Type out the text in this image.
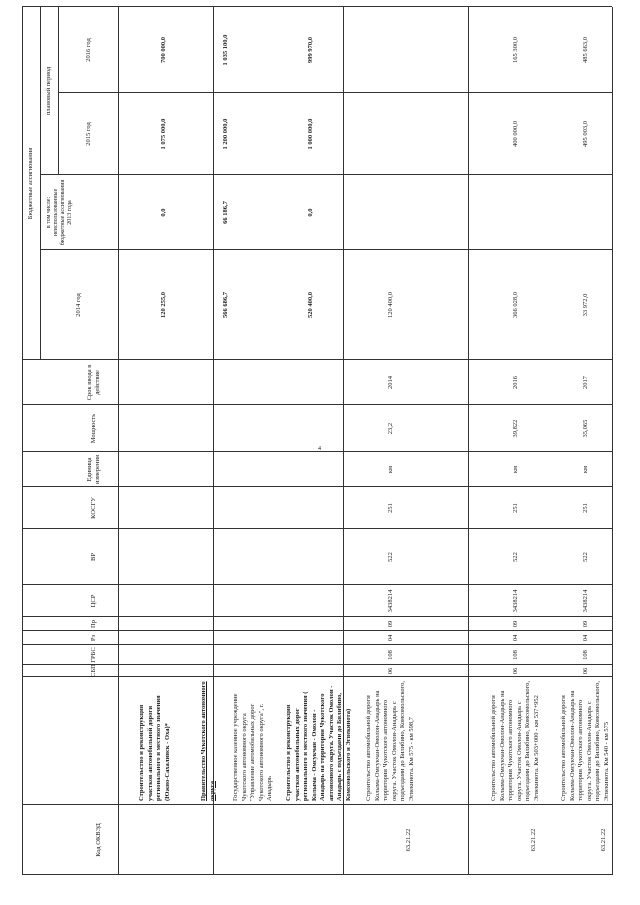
Код ОКВЭД
СБП
ГРБС
Рз
Пр
ЦСР
ВР
КОСГУ
Единица измерения
Мощность
Срок ввода в действие
Бюджетные ассигнования
2014 год
в том числе: неиспользованные бюджетные ассигнования 2013 года
плановый период
2015 год
2016 год
Строительство и реконструкция участков автомобильной дороги регионального и местного значения (Южно-Сахалинск - Оха)*
120 255,0
0,0
1 075 000,0
700 000,0
Правительство Чукотского автономного округа
566 686,7
66 186,7
1 200 000,0
1 035 100,0
Государственное казенное учреждение Чукотского автономного округа "Управление автомобильных дорог Чукотского автономного округа", г. Анадырь Строительство и реконструкция участков автомобильных дорог регионального и местного значения ( Колыма - Омсукчан - Омолон - Анадырь на территории Чукотского автономного округа. Участок Омолон - Анадырь с подъездами до Билибино, Комсомольского и Эгвекинота)
520 400,0
0,0
1 000 000,0
999 970,0
Строительство автомобильной дороги Колыма-Омсукчан-Омолон-Анадырь на территории Чукотского автономного округа. Участок Омолон-Анадырь с подъездами до Билибино, Комсомольского, Эгвекинота. Км 575 - км 598,7
63.21.22
06
108
04
09
3438214
522
251
км
23,2
2014
120 400,0
Строительство автомобильной дороги Колыма-Омсукчан-Омолон-Анадырь на территории Чукотского автономного округа. Участок Омолон-Анадырь с подъездами до Билибино, Комсомольского, Эгвекинота. Км 503+000 - км 537+952
63.21.22
06
108
04
09
3438214
522
251
км
39,822
2016
366 028,0
400 000,0
165 300,0
Строительство автомобильной дороги Колыма-Омсукчан-Омолон-Анадырь на территории Чукотского автономного округа. Участок Омолон-Анадырь с подъездами до Билибино, Комсомольского, Эгвекинота. Км 540 - км 575
63.21.22
06
108
04
09
3438214
522
251
км
35,065
2017
33 972,0
495 003,0
485 663,0
4
